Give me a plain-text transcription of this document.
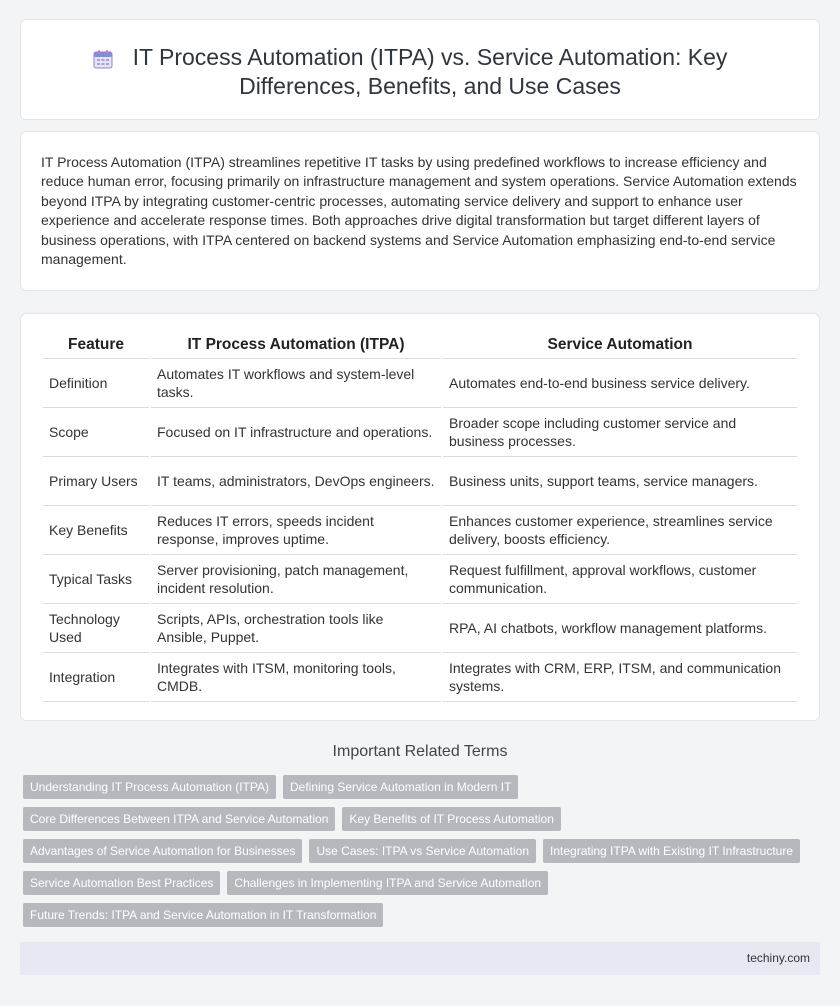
IT Process Automation (ITPA) vs. Service Automation: Key Differences, Benefits, and Use Cases

IT Process Automation (ITPA) streamlines repetitive IT tasks by using predefined workflows to increase efficiency and reduce human error, focusing primarily on infrastructure management and system operations. Service Automation extends beyond ITPA by integrating customer-centric processes, automating service delivery and support to enhance user experience and accelerate response times. Both approaches drive digital transformation but target different layers of business operations, with ITPA centered on backend systems and Service Automation emphasizing end-to-end service management.

Feature	IT Process Automation (ITPA)	Service Automation
Definition	Automates IT workflows and system-level tasks.	Automates end-to-end business service delivery.
Scope	Focused on IT infrastructure and operations.	Broader scope including customer service and business processes.
Primary Users	IT teams, administrators, DevOps engineers.	Business units, support teams, service managers.
Key Benefits	Reduces IT errors, speeds incident response, improves uptime.	Enhances customer experience, streamlines service delivery, boosts efficiency.
Typical Tasks	Server provisioning, patch management, incident resolution.	Request fulfillment, approval workflows, customer communication.
Technology Used	Scripts, APIs, orchestration tools like Ansible, Puppet.	RPA, AI chatbots, workflow management platforms.
Integration	Integrates with ITSM, monitoring tools, CMDB.	Integrates with CRM, ERP, ITSM, and communication systems.
Important Related Terms
Understanding IT Process Automation (ITPA)	Defining Service Automation in Modern IT
Core Differences Between ITPA and Service Automation	Key Benefits of IT Process Automation
Advantages of Service Automation for Businesses	Use Cases: ITPA vs Service Automation	Integrating ITPA with Existing IT Infrastructure
Service Automation Best Practices	Challenges in Implementing ITPA and Service Automation
Future Trends: ITPA and Service Automation in IT Transformation
techiny.com
